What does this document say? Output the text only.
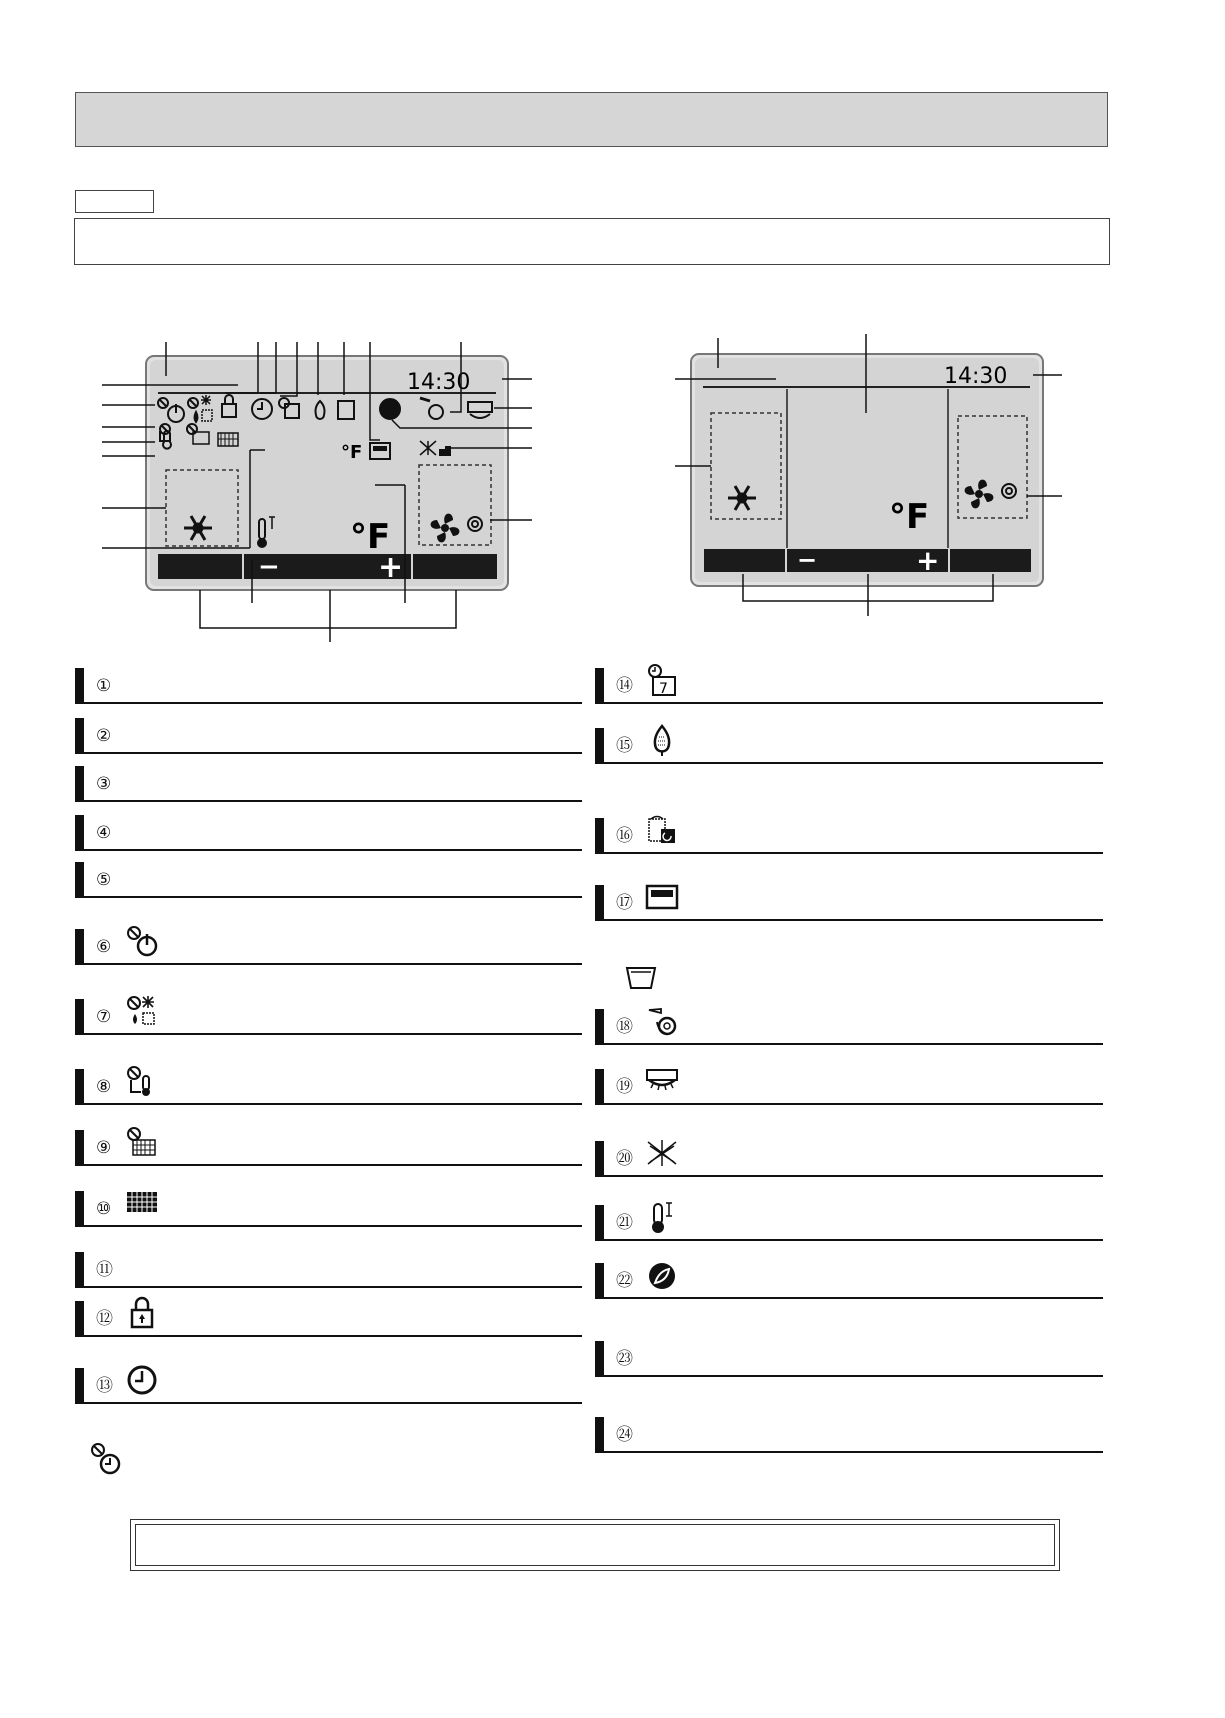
14:30
−	+
°F
°F
14:30
−	+
°F
①
②
③
④
⑤
⑥
⑦
⑧
⑨
⑩
⑪
⑫
⑬
⑭ 7
⑮
⑯
⑰
⑱
⑲
⑳
㉑
㉒
㉓
㉔
